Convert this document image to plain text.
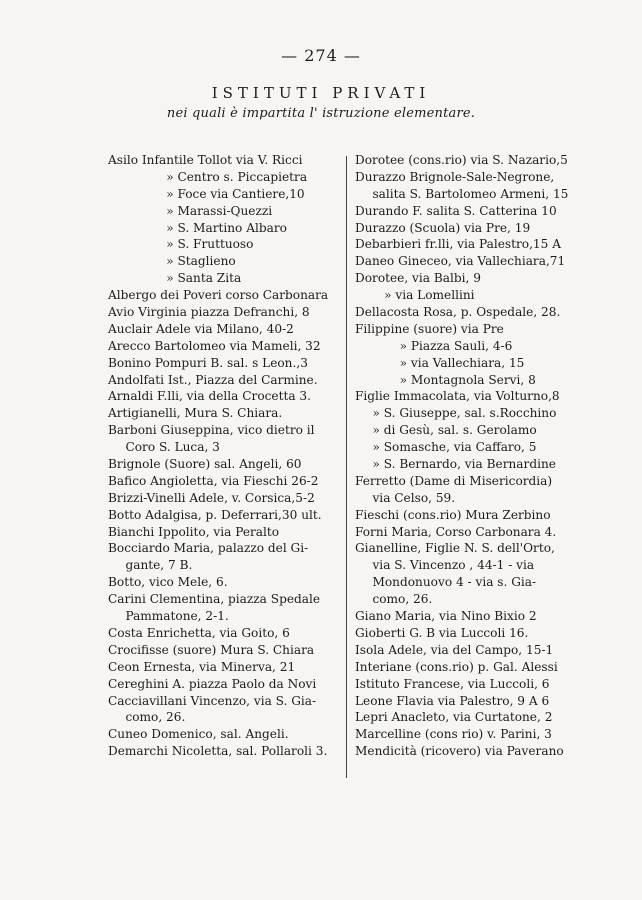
— 274 —
ISTITUTI PRIVATI
nei quali è impartita l' istruzione elementare.
Asilo Infantile Tollot via V. Ricci
» Centro s. Piccapietra
» Foce via Cantiere,10
» Marassi-Quezzi
» S. Martino Albaro
» S. Fruttuoso
» Staglieno
» Santa Zita
Albergo dei Poveri corso Carbonara
Avio Virginia piazza Defranchi, 8
Auclair Adele via Milano, 40-2
Arecco Bartolomeo via Mameli, 32
Bonino Pompuri B. sal. s Leon.,3
Andolfati Ist., Piazza del Carmine.
Arnaldi F.lli, via della Crocetta 3.
Artigianelli, Mura S. Chiara.
Barboni Giuseppina, vico dietro il
Coro S. Luca, 3
Brignole (Suore) sal. Angeli, 60
Bafico Angioletta, via Fieschi 26-2
Brizzi-Vinelli Adele, v. Corsica,5-2
Botto Adalgisa, p. Deferrari,30 ult.
Bianchi Ippolito, via Peralto
Bocciardo Maria, palazzo del Gi-
gante, 7 B.
Botto, vico Mele, 6.
Carini Clementina, piazza Spedale
Pammatone, 2-1.
Costa Enrichetta, via Goito, 6
Crocifisse (suore) Mura S. Chiara
Ceon Ernesta, via Minerva, 21
Cereghini A. piazza Paolo da Novi
Cacciavillani Vincenzo, via S. Gia-
como, 26.
Cuneo Domenico, sal. Angeli.
Demarchi Nicoletta, sal. Pollaroli 3.
Dorotee (cons.rio) via S. Nazario,5
Durazzo Brignole-Sale-Negrone,
salita S. Bartolomeo Armeni, 15
Durando F. salita S. Catterina 10
Durazzo (Scuola) via Pre, 19
Debarbieri fr.lli, via Palestro,15 A
Daneo Gineceo, via Vallechiara,71
Dorotee, via Balbi, 9
» via Lomellini
Dellacosta Rosa, p. Ospedale, 28.
Filippine (suore) via Pre
» Piazza Sauli, 4-6
» via Vallechiara, 15
» Montagnola Servi, 8
Figlie Immacolata, via Volturno,8
» S. Giuseppe, sal. s.Rocchino
» di Gesù, sal. s. Gerolamo
» Somasche, via Caffaro, 5
» S. Bernardo, via Bernardine
Ferretto (Dame di Misericordia)
via Celso, 59.
Fieschi (cons.rio) Mura Zerbino
Forni Maria, Corso Carbonara 4.
Gianelline, Figlie N. S. dell'Orto,
via S. Vincenzo , 44-1 - via
Mondonuovo 4 - via s. Gia-
como, 26.
Giano Maria, via Nino Bixio 2
Gioberti G. B via Luccoli 16.
Isola Adele, via del Campo, 15-1
Interiane (cons.rio) p. Gal. Alessi
Istituto Francese, via Luccoli, 6
Leone Flavia via Palestro, 9 A 6
Lepri Anacleto, via Curtatone, 2
Marcelline (cons rio) v. Parini, 3
Mendicità (ricovero) via Paverano
